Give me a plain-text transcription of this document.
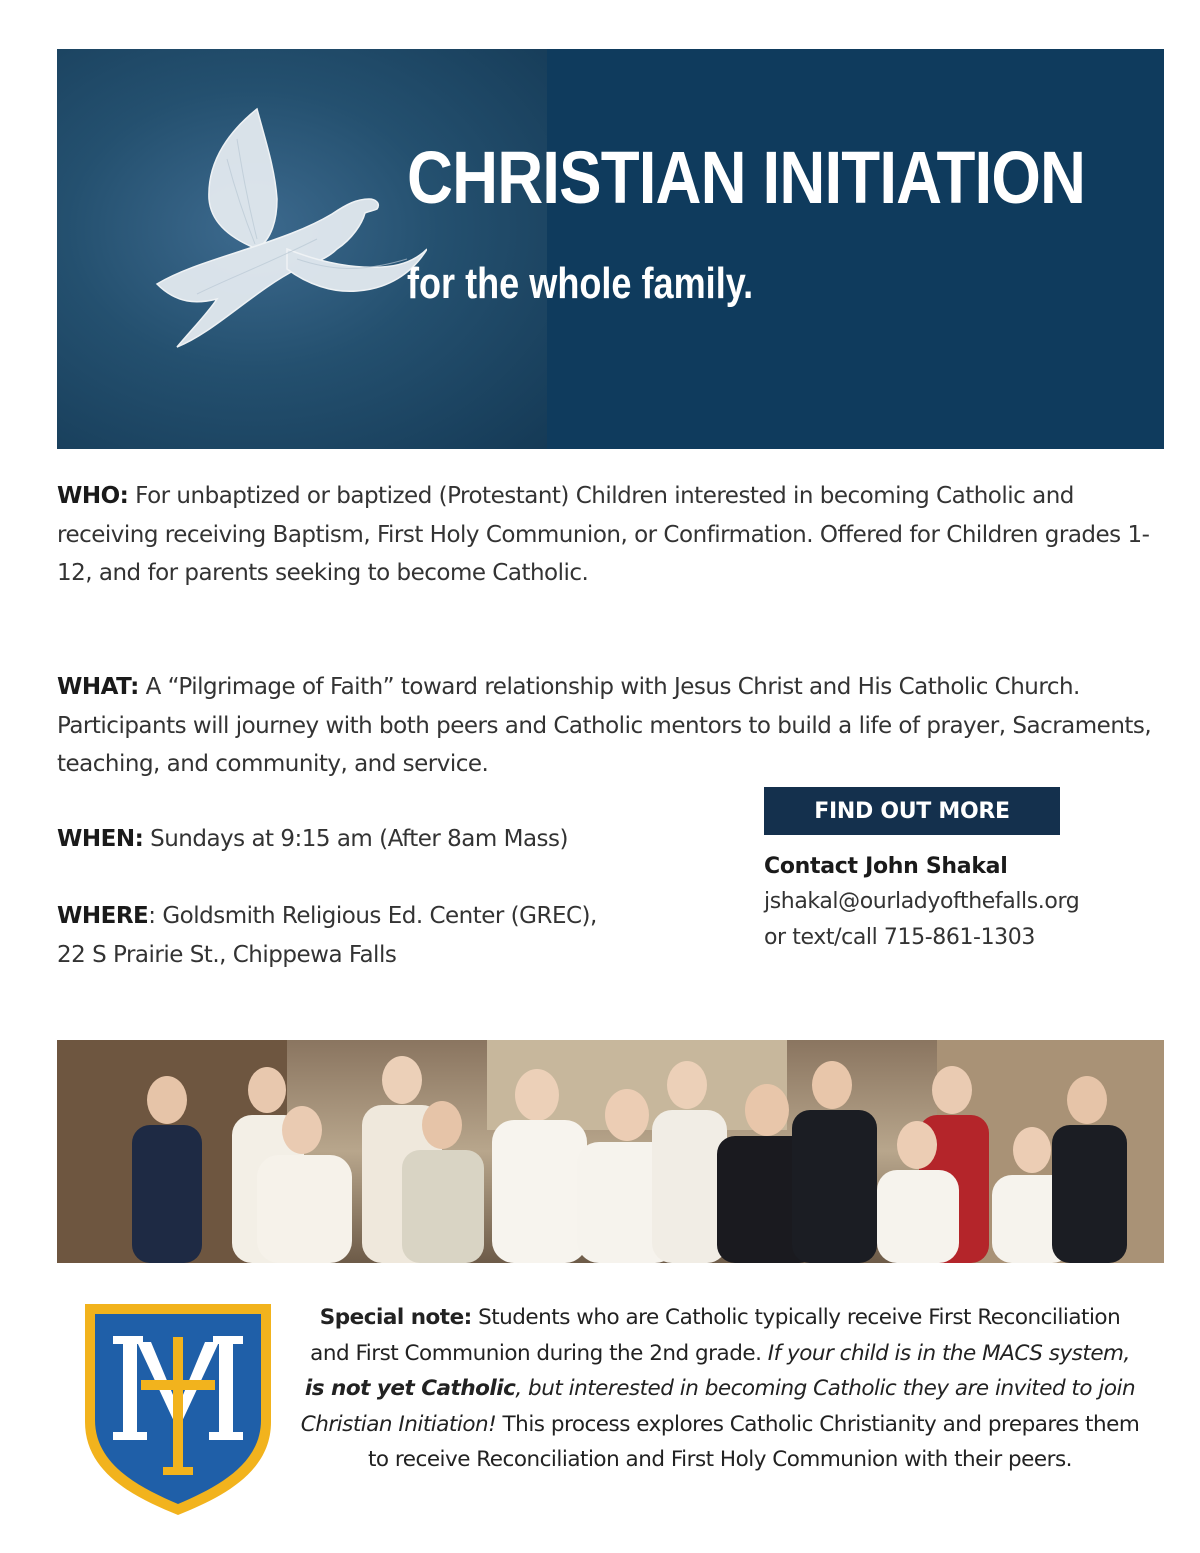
CHRISTIAN INITIATION
for the whole family.
WHO: For unbaptized or baptized (Protestant) Children interested in becoming Catholic and receiving receiving Baptism, First Holy Communion, or Confirmation. Offered for Children grades 1-12, and for parents seeking to become Catholic.
WHAT: A “Pilgrimage of Faith” toward relationship with Jesus Christ and His Catholic Church. Participants will journey with both peers and Catholic mentors to build a life of prayer, Sacraments, teaching, and community, and service.
WHEN: Sundays at 9:15 am (After 8am Mass)
WHERE: Goldsmith Religious Ed. Center (GREC),
22 S Prairie St., Chippewa Falls
FIND OUT MORE
Contact John Shakal
jshakal@ourladyofthefalls.org
or text/call 715-861-1303
Special note: Students who are Catholic typically receive First Reconciliation and First Communion during the 2nd grade. If your child is in the MACS system, is not yet Catholic, but interested in becoming Catholic they are invited to join Christian Initiation! This process explores Catholic Christianity and prepares them to receive Reconciliation and First Holy Communion with their peers.
